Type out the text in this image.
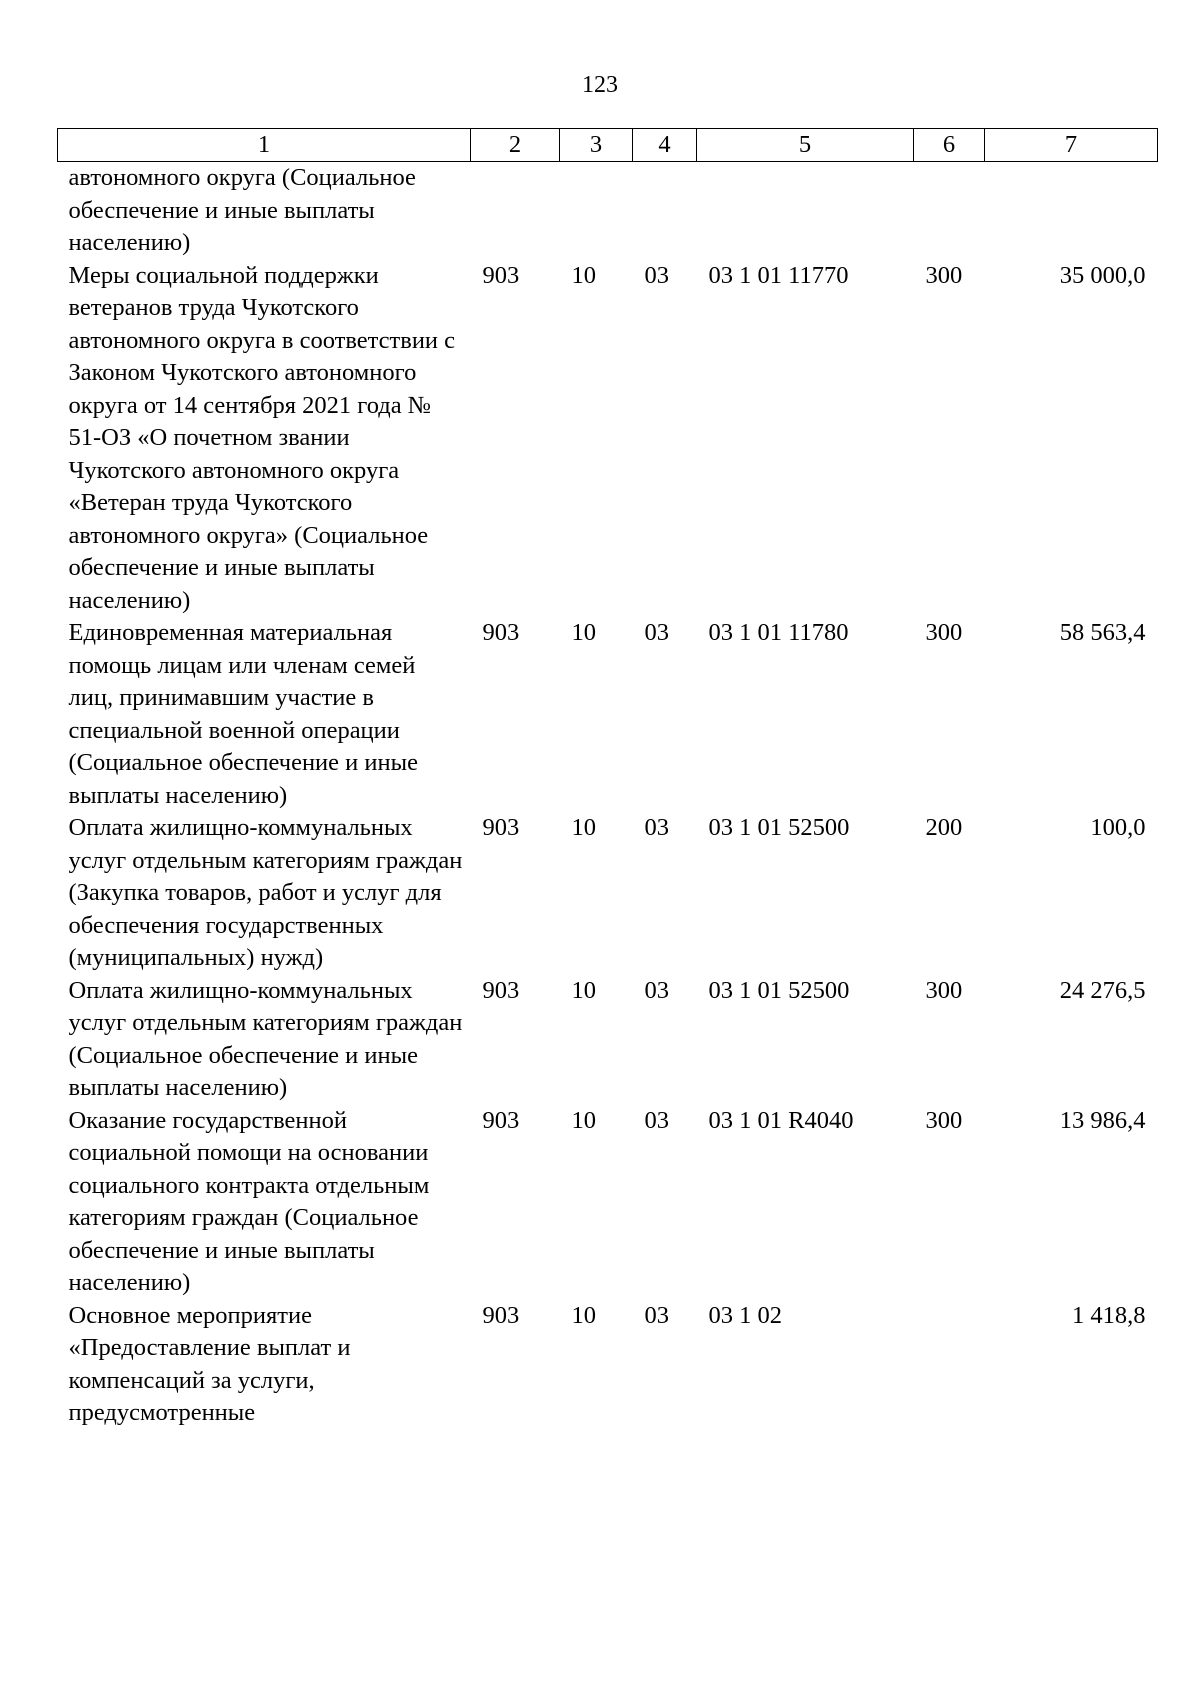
123
1	2	3	4	5	6	7
автономного округа (Социальное обеспечение и иные выплаты населению)						
Меры социальной поддержки ветеранов труда Чукотского автономного округа в соответствии с Законом Чукотского автономного округа от 14 сентября 2021 года № 51-ОЗ «О почетном звании Чукотского автономного округа «Ветеран труда Чукотского автономного округа» (Социальное обеспечение и иные выплаты населению)	903	10	03	03 1 01 11770	300	35 000,0
Единовременная материальная помощь лицам или членам семей лиц, принимавшим участие в специальной военной операции (Социальное обеспечение и иные выплаты населению)	903	10	03	03 1 01 11780	300	58 563,4
Оплата жилищно-коммунальных услуг отдельным категориям граждан (Закупка товаров, работ и услуг для обеспечения государственных (муниципальных) нужд)	903	10	03	03 1 01 52500	200	100,0
Оплата жилищно-коммунальных услуг отдельным категориям граждан (Социальное обеспечение и иные выплаты населению)	903	10	03	03 1 01 52500	300	24 276,5
Оказание государственной социальной помощи на основании социального контракта отдельным категориям граждан (Социальное обеспечение и иные выплаты населению)	903	10	03	03 1 01 R4040	300	13 986,4
Основное мероприятие «Предоставление выплат и компенсаций за услуги, предусмотренные	903	10	03	03 1 02		1 418,8
